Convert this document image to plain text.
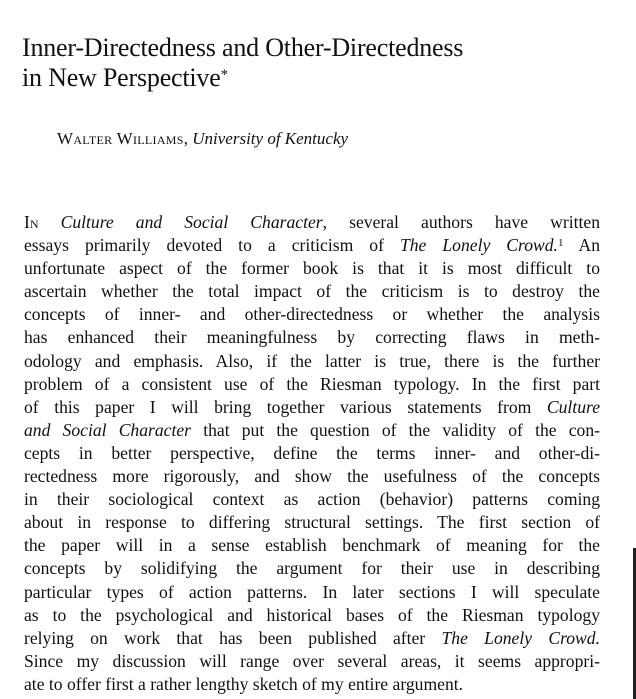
Inner-Directedness and Other-Directedness
in New Perspective*
Walter Williams, University of Kentucky
In Culture and Social Character, several authors have written
essays primarily devoted to a criticism of The Lonely Crowd.$^1$ An
unfortunate aspect of the former book is that it is most difficult to
ascertain whether the total impact of the criticism is to destroy the
concepts of inner- and other-directedness or whether the analysis
has enhanced their meaningfulness by correcting flaws in meth-
odology and emphasis. Also, if the latter is true, there is the further
problem of a consistent use of the Riesman typology. In the first part
of this paper I will bring together various statements from Culture
and Social Character that put the question of the validity of the con-
cepts in better perspective, define the terms inner- and other-di-
rectedness more rigorously, and show the usefulness of the concepts
in their sociological context as action (behavior) patterns coming
about in response to differing structural settings. The first section of
the paper will in a sense establish benchmark of meaning for the
concepts by solidifying the argument for their use in describing
particular types of action patterns. In later sections I will speculate
as to the psychological and historical bases of the Riesman typology
relying on work that has been published after The Lonely Crowd.
Since my discussion will range over several areas, it seems appropri-
ate to offer first a rather lengthy sketch of my entire argument.
